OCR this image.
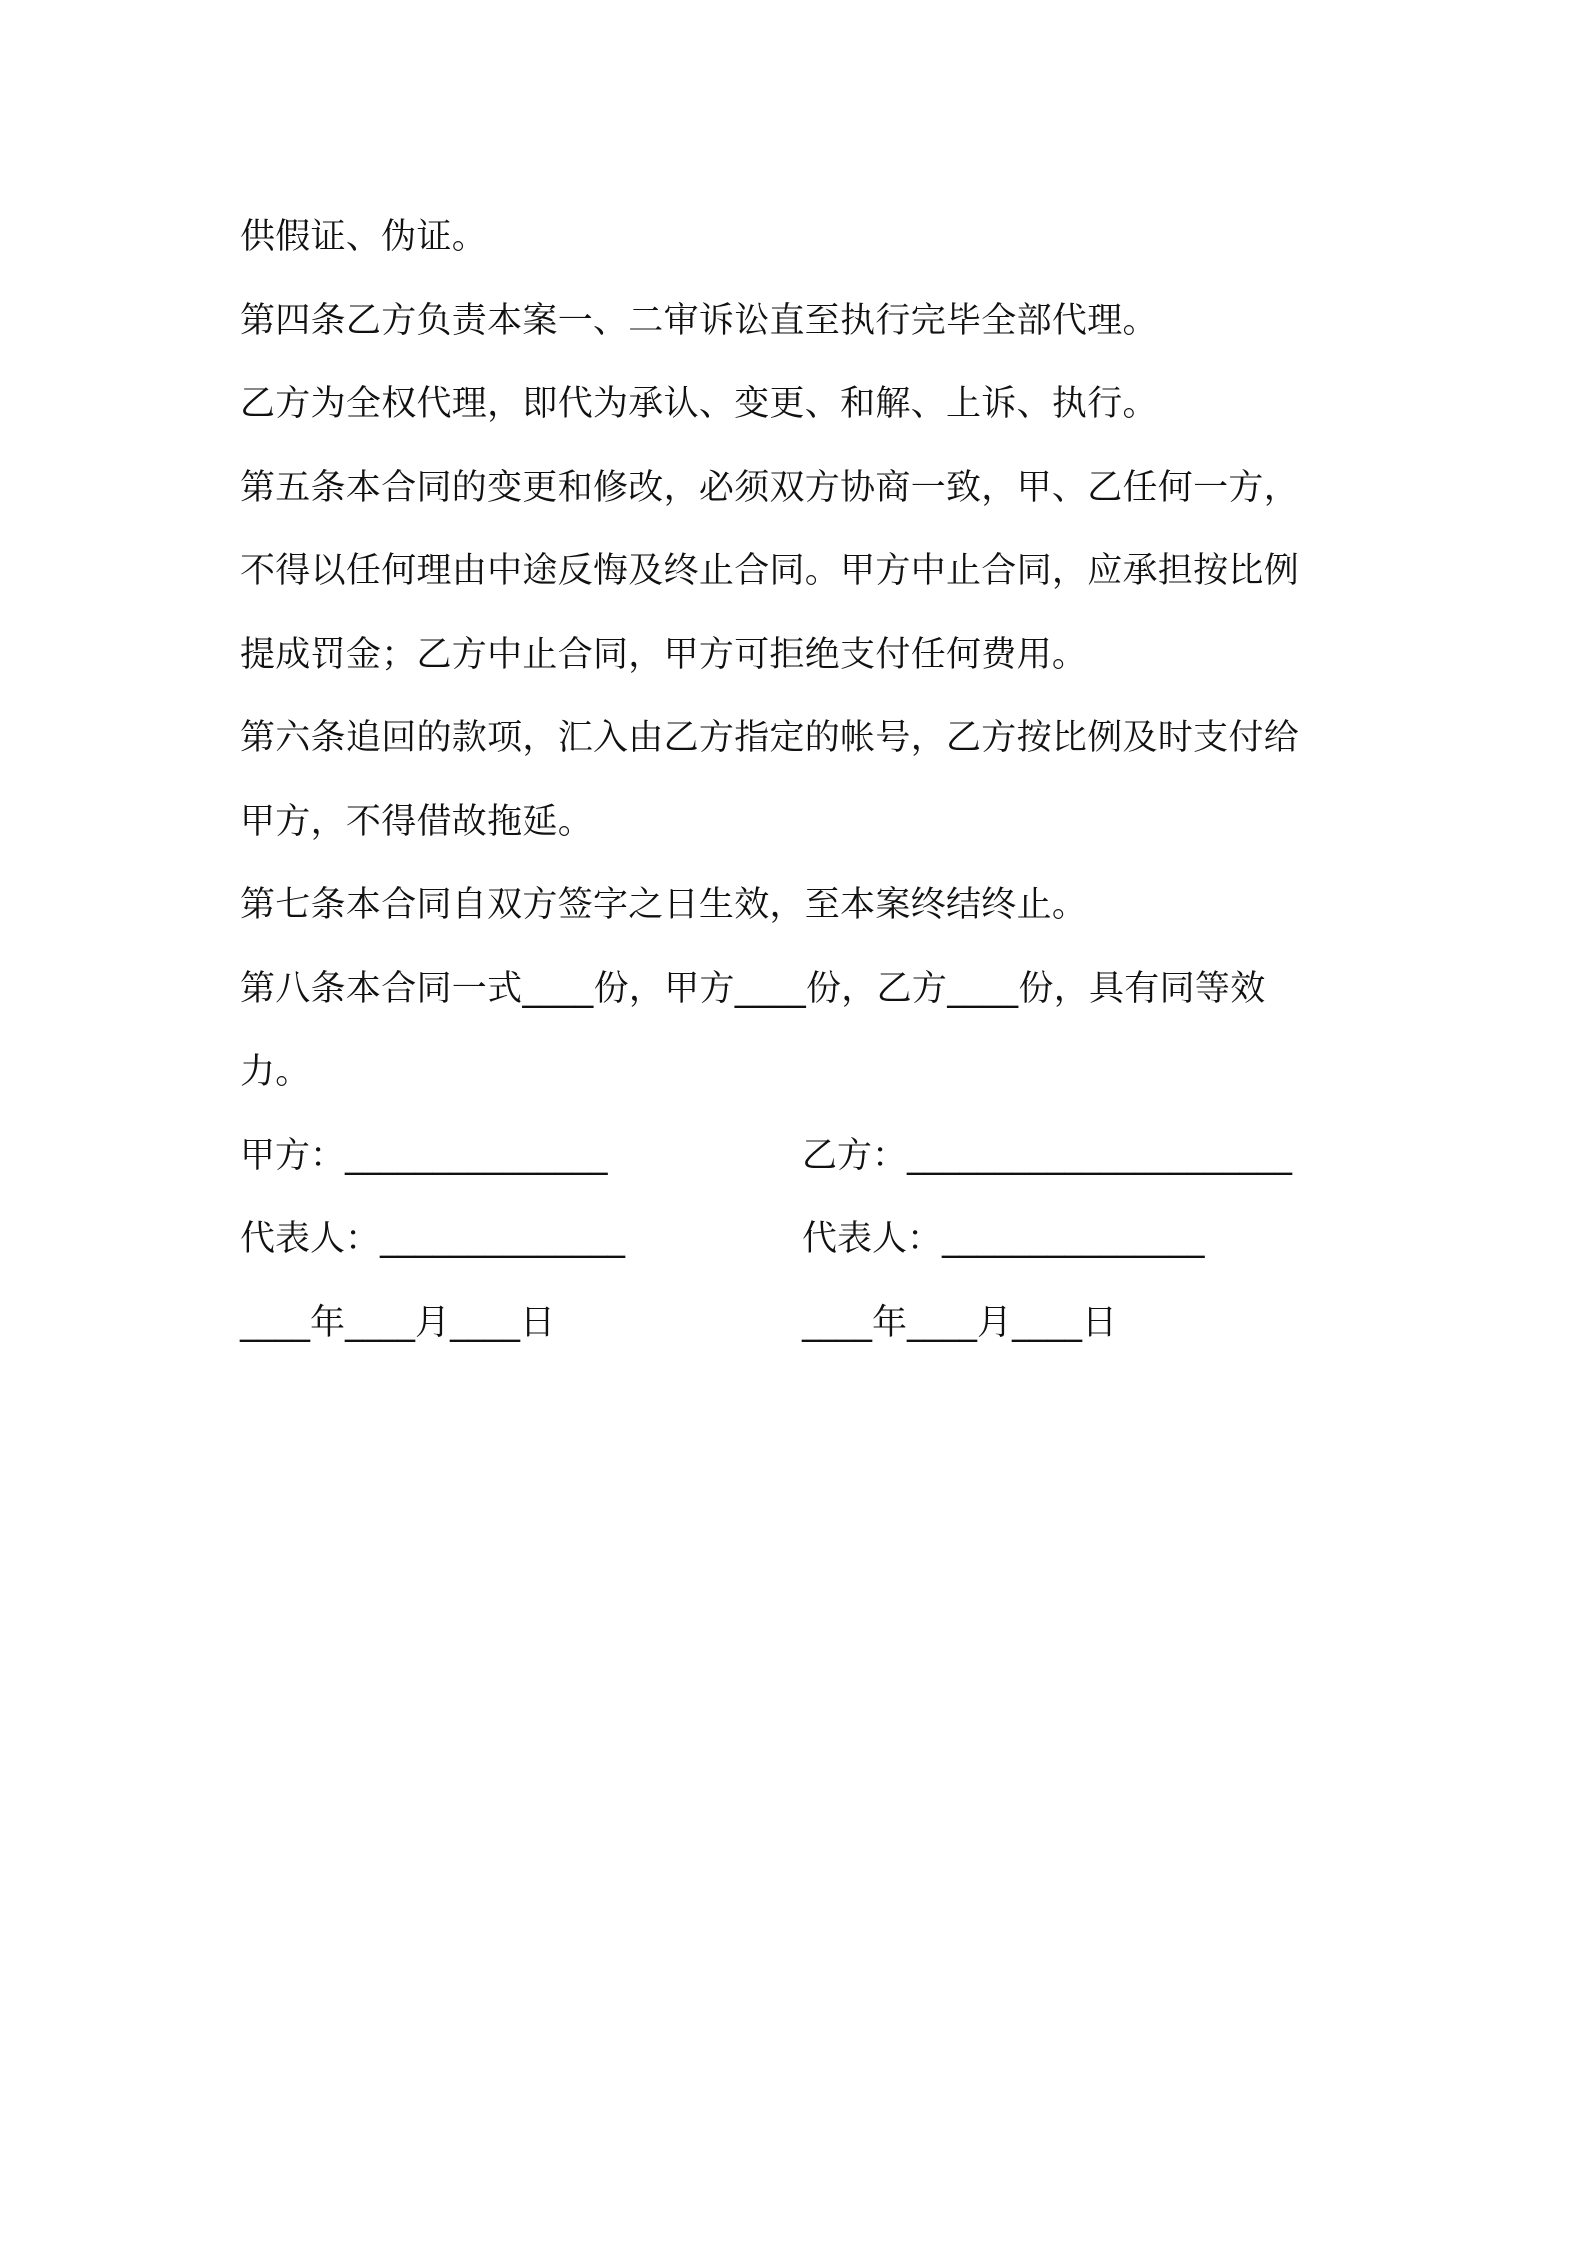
供假证、伪证。
第四条乙方负责本案一、二审诉讼直至执行完毕全部代理。
乙方为全权代理，即代为承认、变更、和解、上诉、执行。
第五条本合同的变更和修改，必须双方协商一致，甲、乙任何一方，
不得以任何理由中途反悔及终止合同。甲方中止合同，应承担按比例
提成罚金；乙方中止合同，甲方可拒绝支付任何费用。
第六条追回的款项，汇入由乙方指定的帐号，乙方按比例及时支付给
甲方，不得借故拖延。
第七条本合同自双方签字之日生效，至本案终结终止。
第八条本合同一式____份，甲方____份，乙方____份，具有同等效
力。
甲方：_______________	乙方：______________________
代表人：______________	代表人：_______________
____年____月____日	____年____月____日
